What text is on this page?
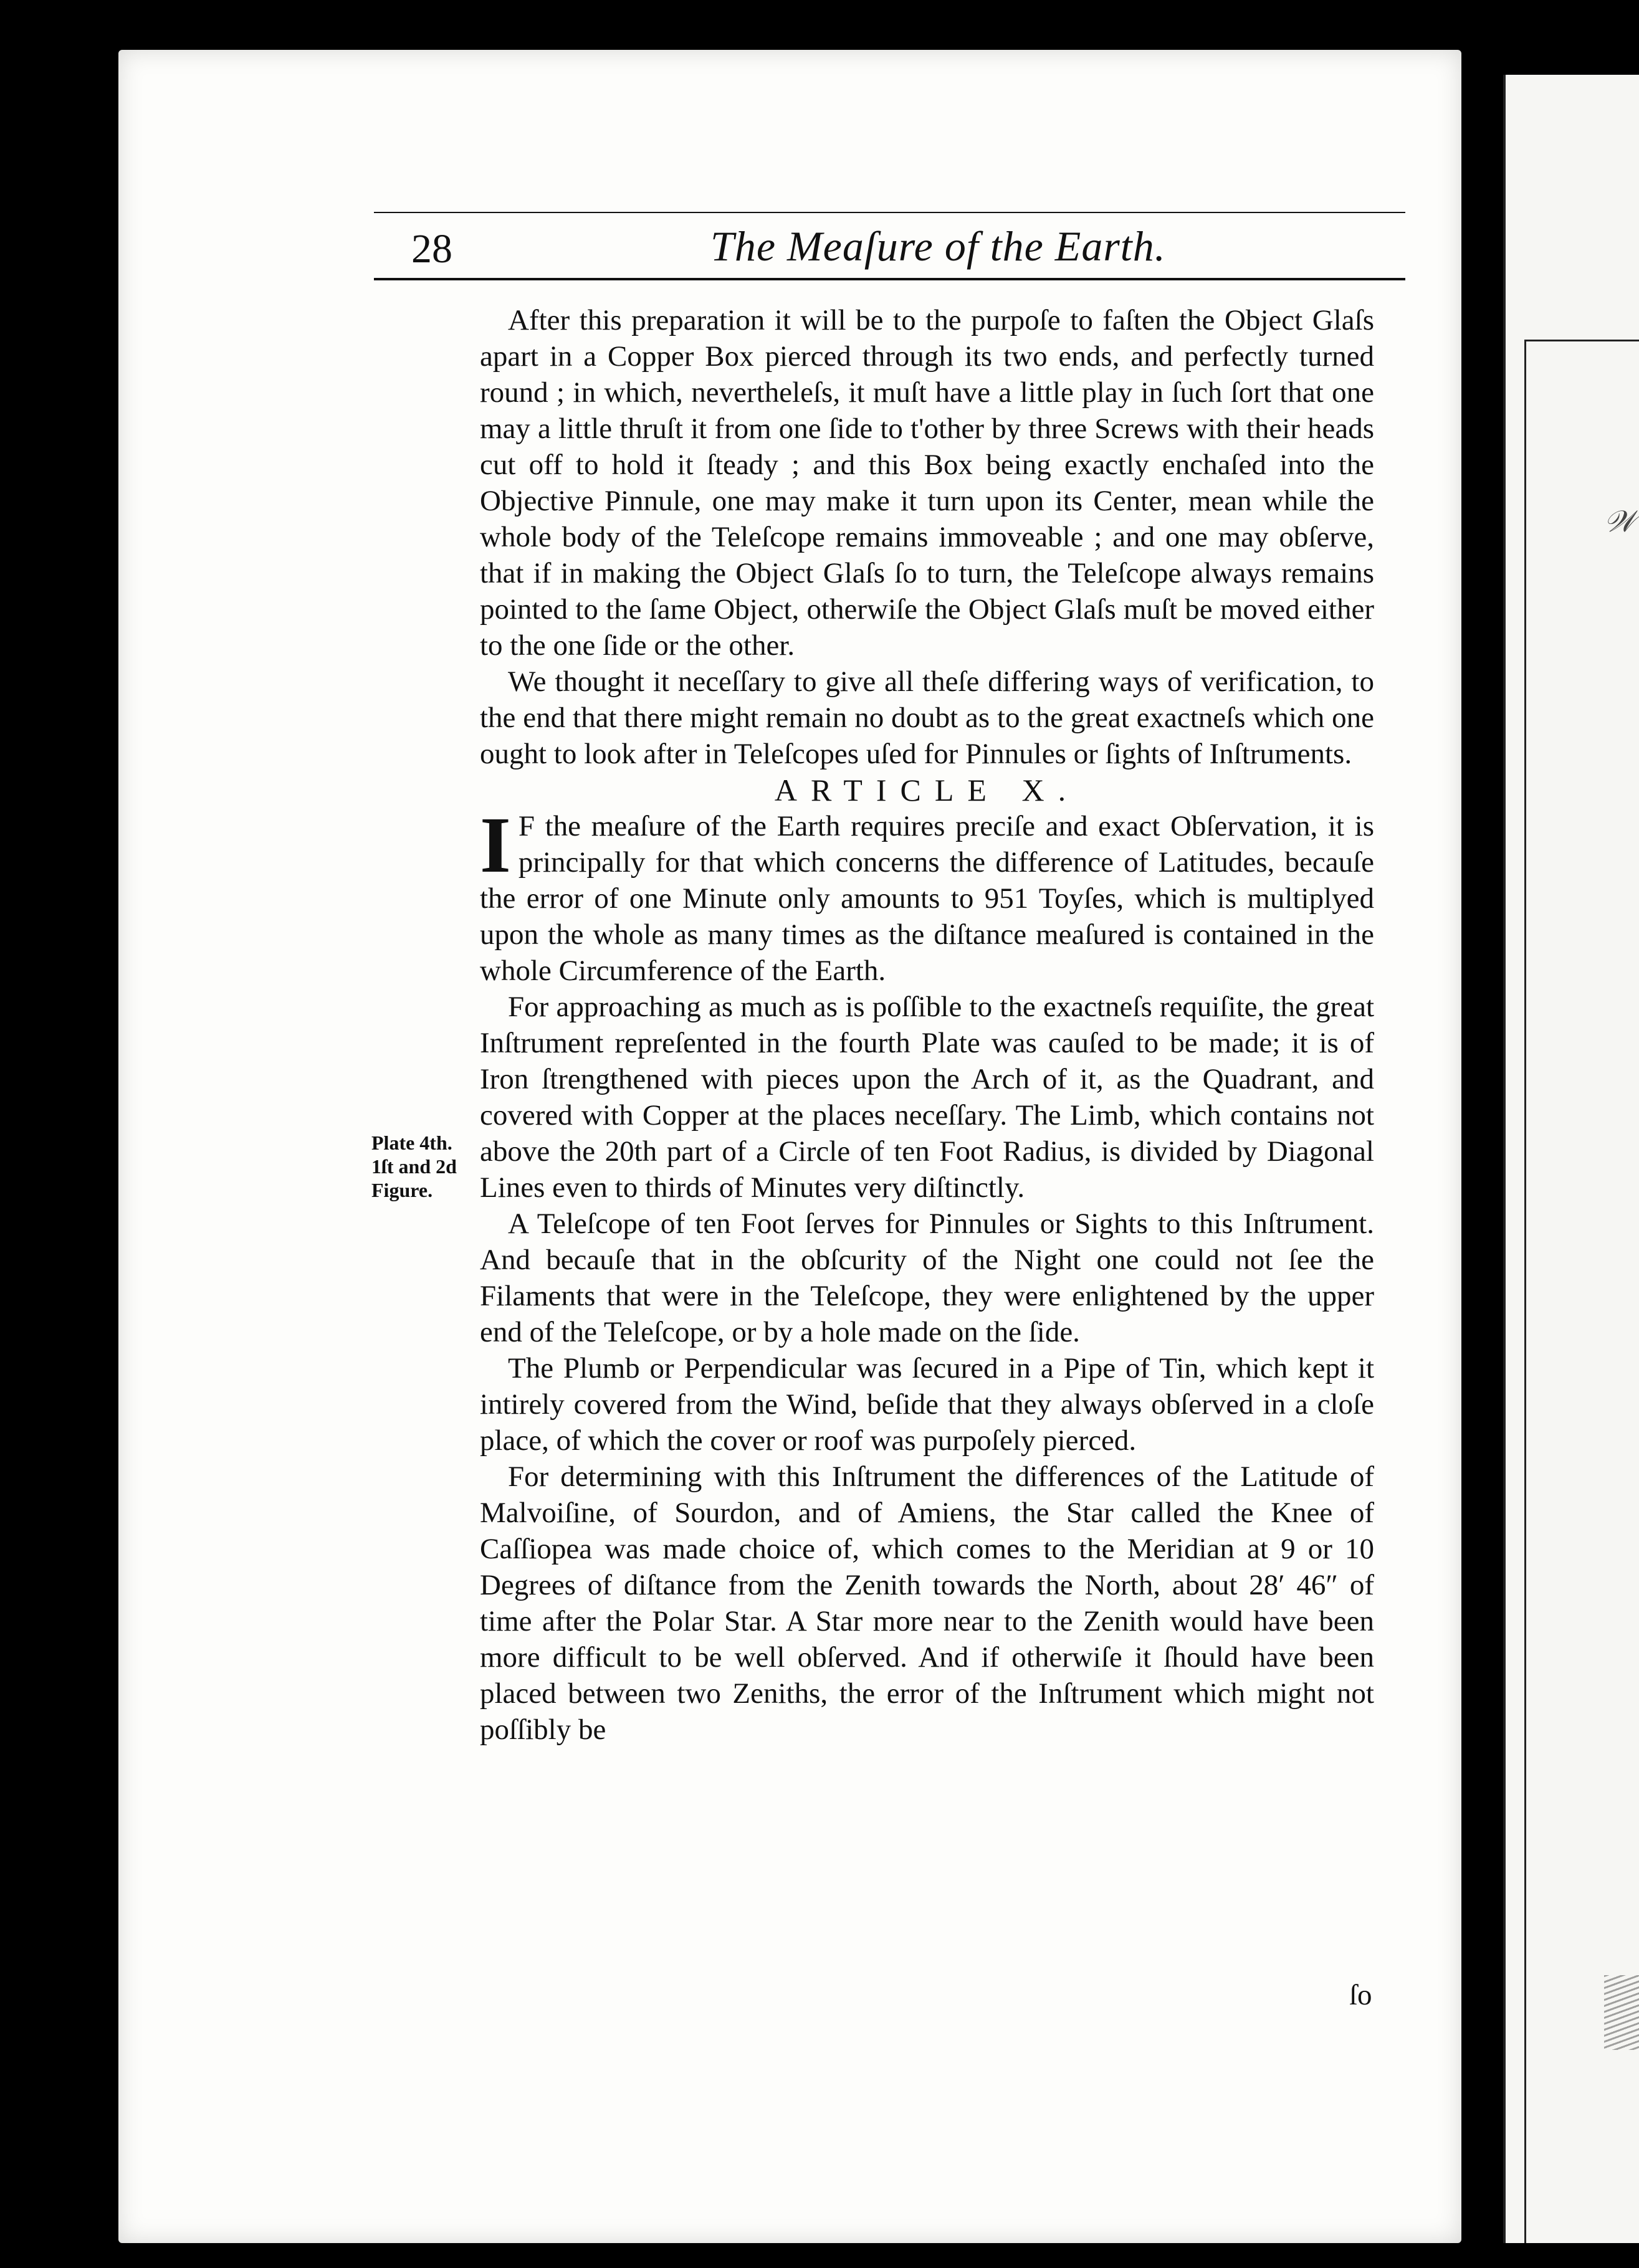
𝒲
28	The Meaſure of the Earth.

After this preparation it will be to the purpoſe to faſten the Object Glaſs apart in a Copper Box pierced through its two ends, and perfectly turned round ; in which, nevertheleſs, it muſt have a little play in ſuch ſort that one may a little thruſt it from one ſide to t'other by three Screws with their heads cut off to hold it ſteady ; and this Box being exactly enchaſed into the Objective Pinnule, one may make it turn upon its Center, mean while the whole body of the Teleſcope remains immoveable ; and one may obſerve, that if in making the Object Glaſs ſo to turn, the Teleſcope always remains pointed to the ſame Object, otherwiſe the Object Glaſs muſt be moved either to the one ſide or the other.

We thought it neceſſary to give all theſe differing ways of verification, to the end that there might remain no doubt as to the great exactneſs which one ought to look after in Teleſcopes uſed for Pinnules or ſights of Inſtruments.

ARTICLE X.

I F the meaſure of the Earth requires preciſe and exact Obſervation, it is principally for that which concerns the difference of Latitudes, becauſe the error of one Minute only amounts to 951 Toyſes, which is multiplyed upon the whole as many times as the diſtance meaſured is contained in the whole Circumference of the Earth.

For approaching as much as is poſſible to the exactneſs requiſite, the great Inſtrument repreſented in the fourth Plate was cauſed to be made; it is of Iron ſtrengthened with pieces upon the Arch of it, as the Quadrant, and covered with Copper at the places neceſſary. The Limb, which contains not above the 20th part of a Circle of ten Foot Radius, is divided by Diagonal Lines even to thirds of Minutes very diſtinctly.

A Teleſcope of ten Foot ſerves for Pinnules or Sights to this Inſtrument. And becauſe that in the obſcurity of the Night one could not ſee the Filaments that were in the Teleſcope, they were enlightened by the upper end of the Teleſcope, or by a hole made on the ſide.

The Plumb or Perpendicular was ſecured in a Pipe of Tin, which kept it intirely covered from the Wind, beſide that they always obſerved in a cloſe place, of which the cover or roof was purpoſely pierced.

For determining with this Inſtrument the differences of the Latitude of Malvoiſine, of Sourdon, and of Amiens, the Star called the Knee of Caſſiopea was made choice of, which comes to the Meridian at 9 or 10 Degrees of diſtance from the Zenith towards the North, about 28′ 46″ of time after the Polar Star. A Star more near to the Zenith would have been more difficult to be well obſerved. And if otherwiſe it ſhould have been placed between two Zeniths, the error of the Inſtrument which might not poſſibly be

Plate 4th.
1ſt and 2d
Figure.
ſo
